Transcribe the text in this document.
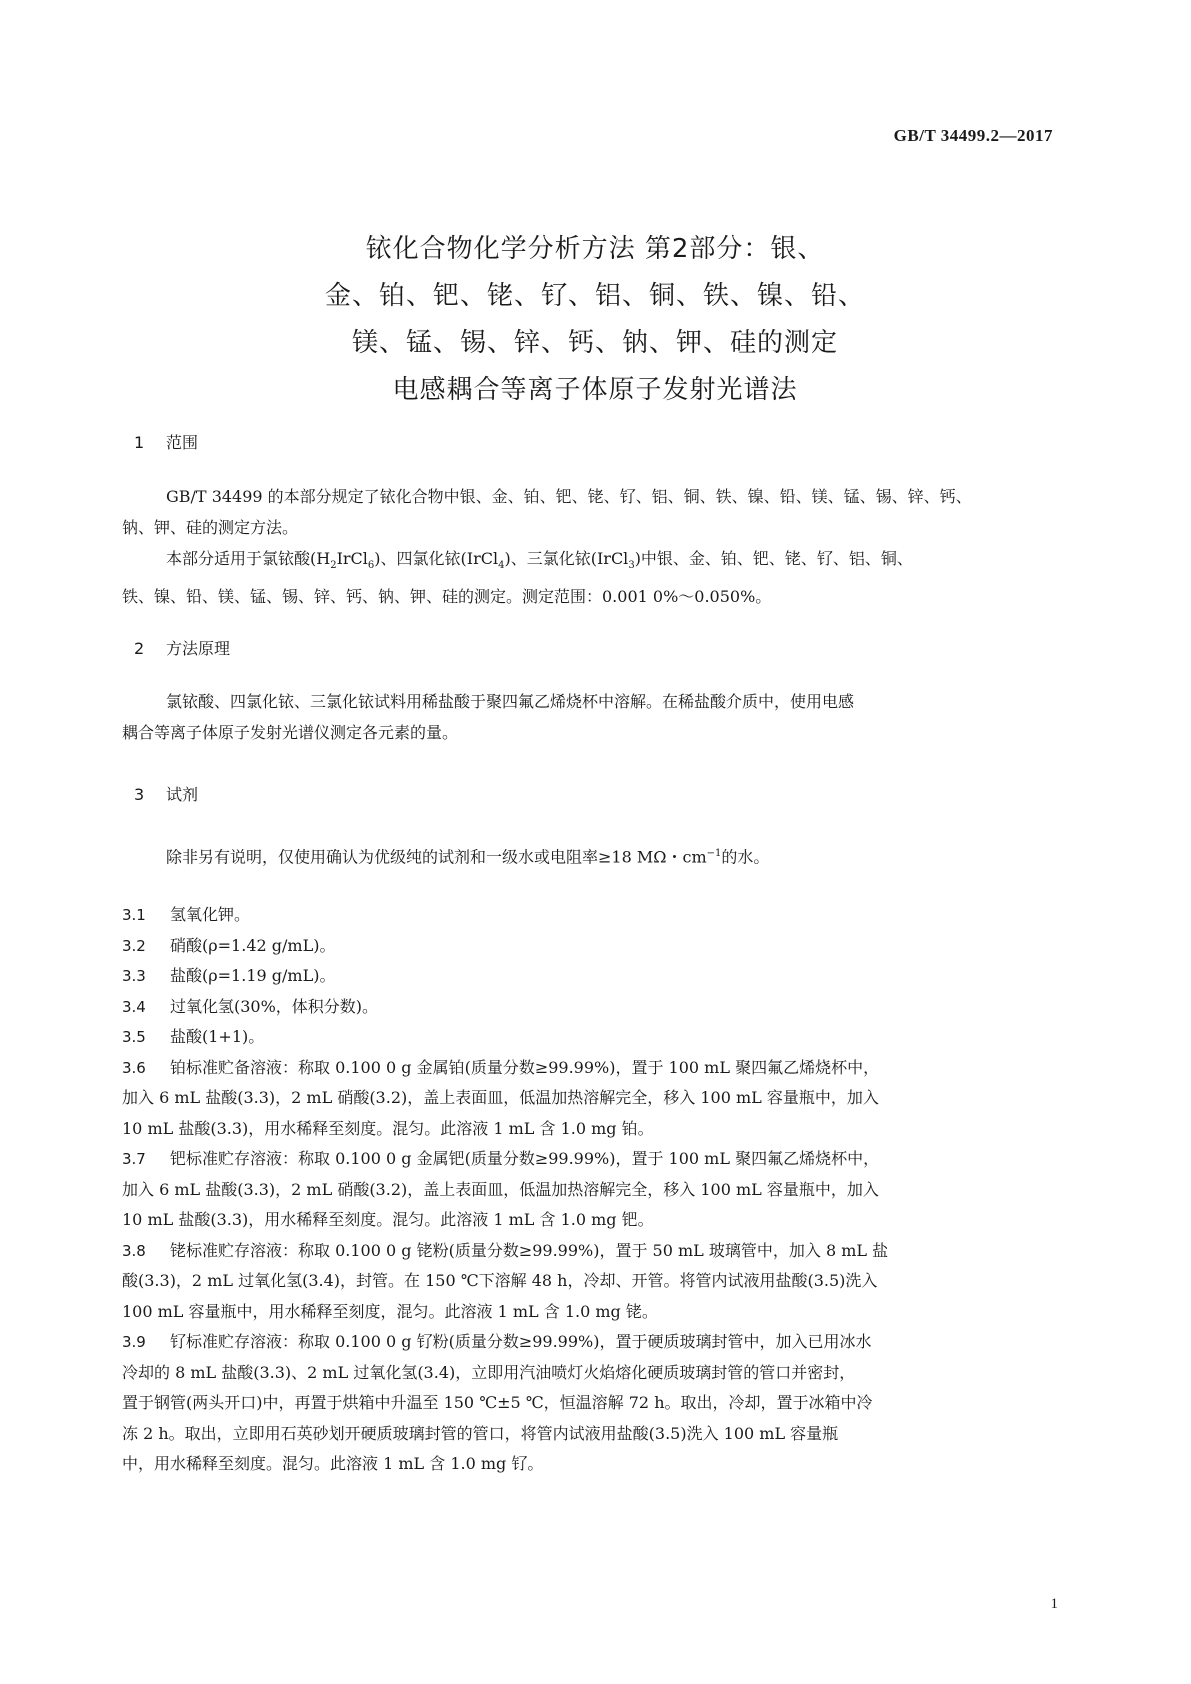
GB/T 34499.2—2017
铱化合物化学分析方法 第2部分：银、
金、铂、钯、铑、钌、铝、铜、铁、镍、铅、
镁、锰、锡、锌、钙、钠、钾、硅的测定
电感耦合等离子体原子发射光谱法
1 范围
GB/T 34499 的本部分规定了铱化合物中银、金、铂、钯、铑、钌、铝、铜、铁、镍、铅、镁、锰、锡、锌、钙、
钠、钾、硅的测定方法。
本部分适用于氯铱酸$(H_2IrCl_6)$、四氯化铱(IrCl$_4$)、三氯化铱(IrCl$_3$)中银、金、铂、钯、铑、钌、铝、铜、
铁、镍、铅、镁、锰、锡、锌、钙、钠、钾、硅的测定。测定范围：0.001 0%～0.050%。
2 方法原理
氯铱酸、四氯化铱、三氯化铱试料用稀盐酸于聚四氟乙烯烧杯中溶解。在稀盐酸介质中，使用电感
耦合等离子体原子发射光谱仪测定各元素的量。
3 试剂
除非另有说明，仅使用确认为优级纯的试剂和一级水或电阻率≥18 MΩ・$cm^{-1}$的水。
3.1	氢氧化钾。
3.2	硝酸(ρ=1.42 g/mL)。
3.3	盐酸(ρ=1.19 g/mL)。
3.4	过氧化氢(30%，体积分数)。
3.5	盐酸(1+1)。
3.6	铂标准贮备溶液：称取 0.100 0 g 金属铂(质量分数≥99.99%)，置于 100 mL 聚四氟乙烯烧杯中，
加入 6 mL 盐酸(3.3)，2 mL 硝酸(3.2)，盖上表面皿，低温加热溶解完全，移入 100 mL 容量瓶中，加入
10 mL 盐酸(3.3)，用水稀释至刻度。混匀。此溶液 1 mL 含 1.0 mg 铂。
3.7	钯标准贮存溶液：称取 0.100 0 g 金属钯(质量分数≥99.99%)，置于 100 mL 聚四氟乙烯烧杯中，
加入 6 mL 盐酸(3.3)，2 mL 硝酸(3.2)，盖上表面皿，低温加热溶解完全，移入 100 mL 容量瓶中，加入
10 mL 盐酸(3.3)，用水稀释至刻度。混匀。此溶液 1 mL 含 1.0 mg 钯。
3.8	铑标准贮存溶液：称取 0.100 0 g 铑粉(质量分数≥99.99%)，置于 50 mL 玻璃管中，加入 8 mL 盐
酸(3.3)，2 mL 过氧化氢(3.4)，封管。在 150 ℃下溶解 48 h，冷却、开管。将管内试液用盐酸(3.5)洗入
100 mL 容量瓶中，用水稀释至刻度，混匀。此溶液 1 mL 含 1.0 mg 铑。
3.9	钌标准贮存溶液：称取 0.100 0 g 钌粉(质量分数≥99.99%)，置于硬质玻璃封管中，加入已用冰水
冷却的 8 mL 盐酸(3.3)、2 mL 过氧化氢(3.4)，立即用汽油喷灯火焰熔化硬质玻璃封管的管口并密封，
置于钢管(两头开口)中，再置于烘箱中升温至 150 ℃±5 ℃，恒温溶解 72 h。取出，冷却，置于冰箱中冷
冻 2 h。取出，立即用石英砂划开硬质玻璃封管的管口，将管内试液用盐酸(3.5)洗入 100 mL 容量瓶
中，用水稀释至刻度。混匀。此溶液 1 mL 含 1.0 mg 钌。
1
